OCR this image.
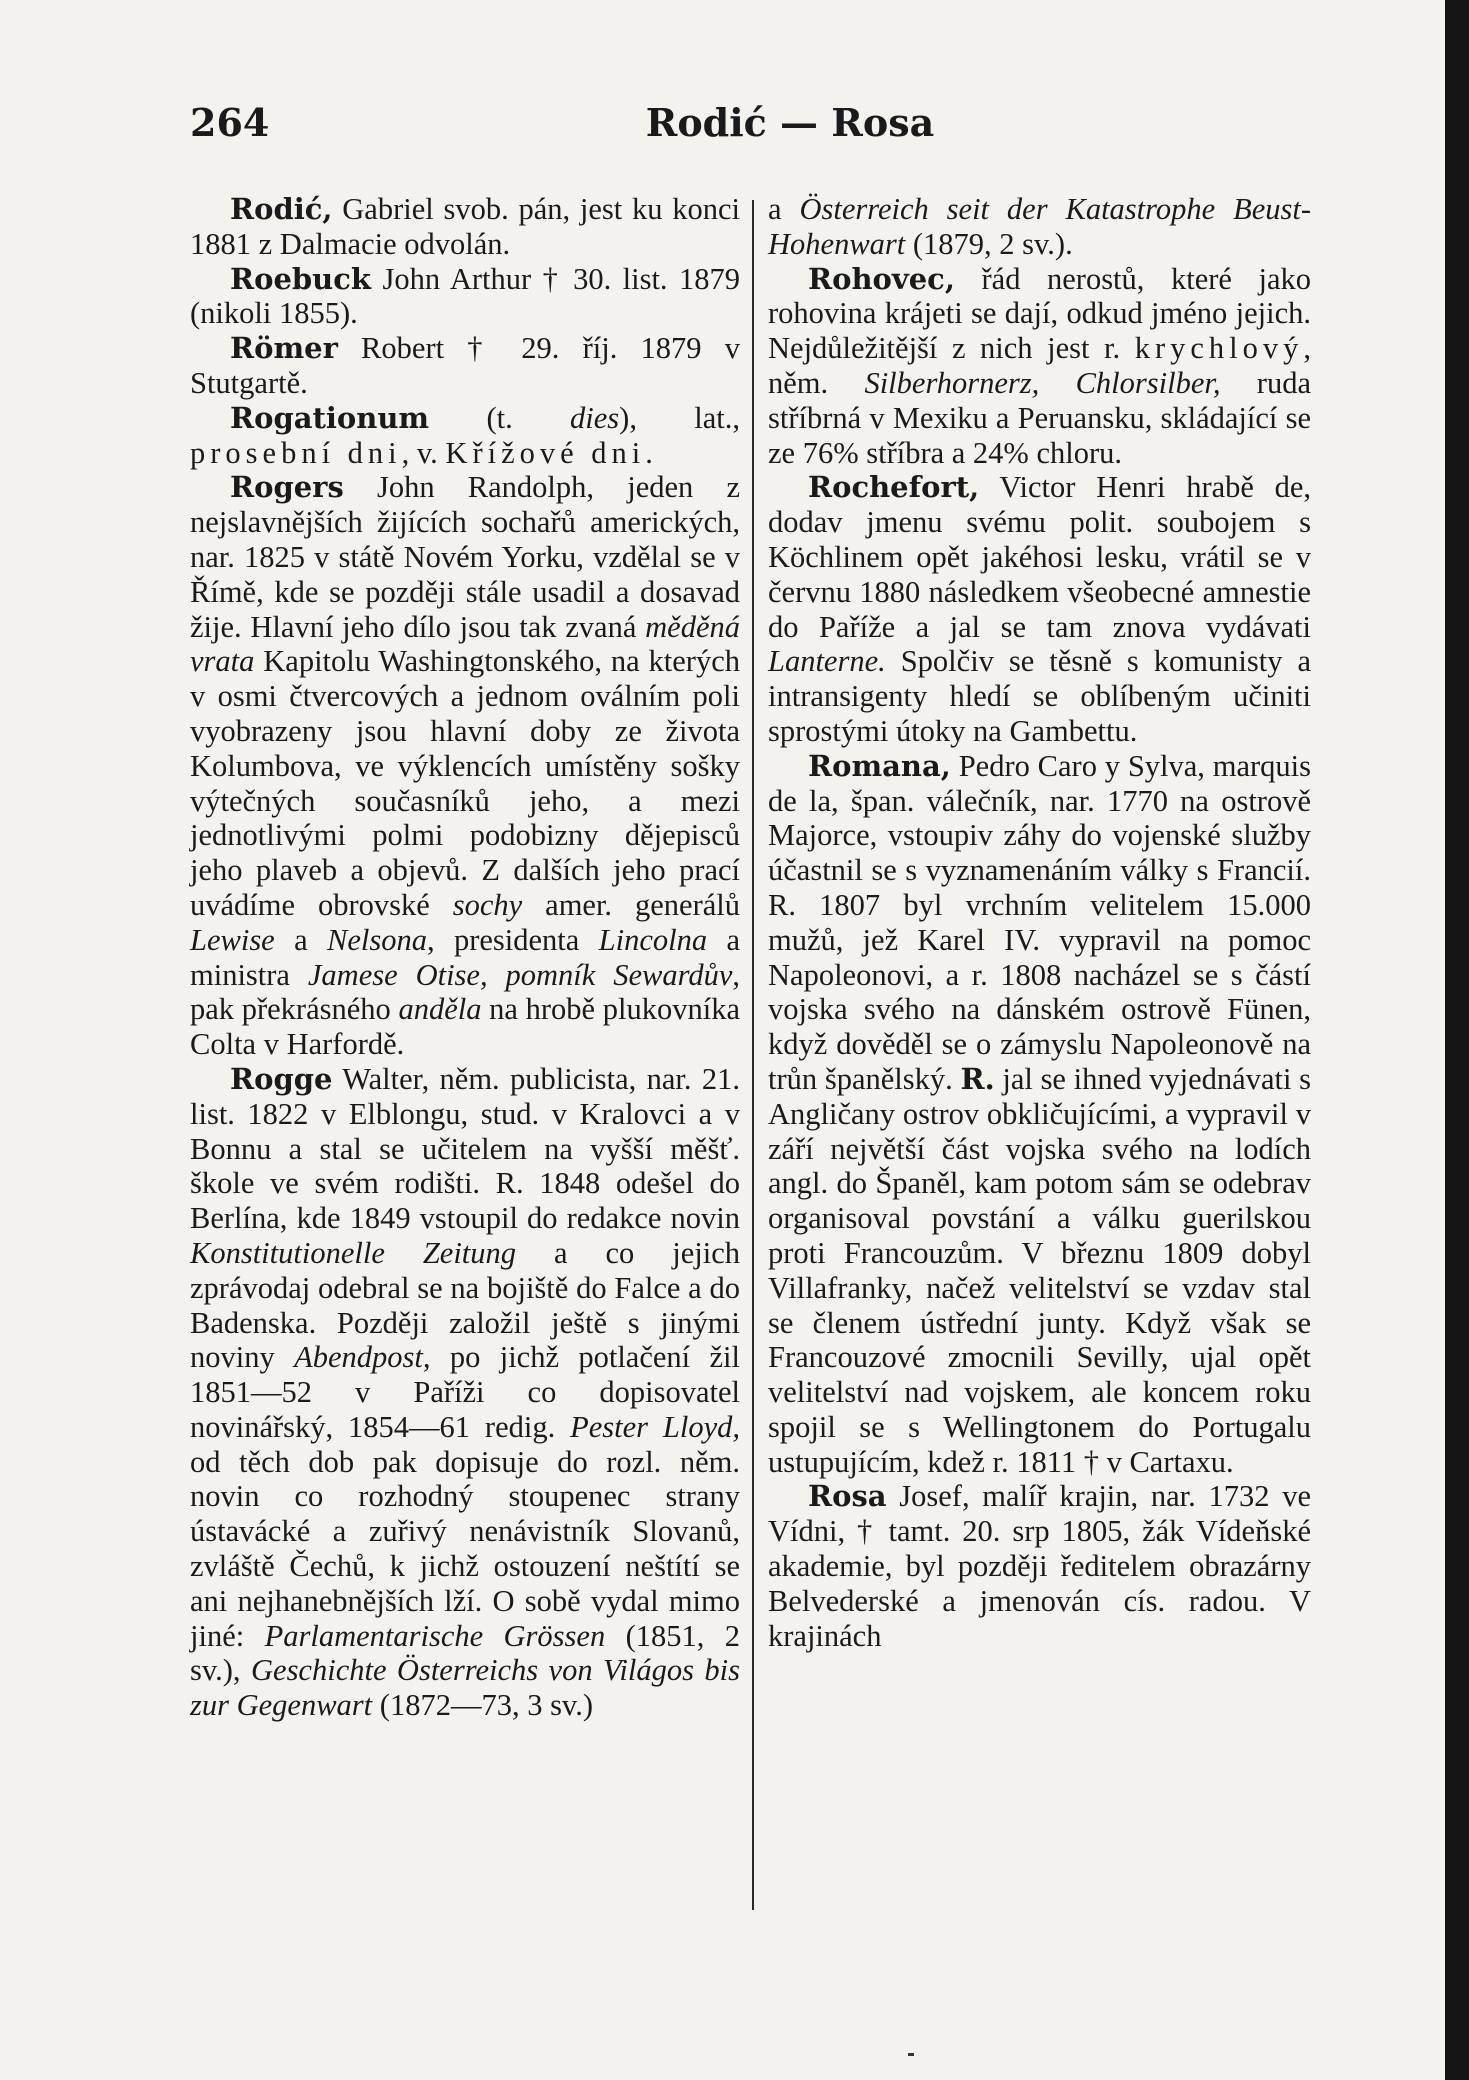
264	Rodić — Rosa

Rodić, Gabriel svob. pán, jest ku konci 1881 z Dalmacie odvolán.

Roebuck John Arthur † 30. list. 1879 (nikoli 1855).

Römer Robert † 29. říj. 1879 v Stutgartě.

Rogationum (t. dies), lat., prosební dni, v. Křížové dni.

Rogers John Randolph, jeden z nejslavnějších žijících sochařů amerických, nar. 1825 v státě Novém Yorku, vzdělal se v Římě, kde se později stále usadil a dosavad žije. Hlavní jeho dílo jsou tak zvaná měděná vrata Kapitolu Washingtonského, na kterých v osmi čtvercových a jednom oválním poli vyobrazeny jsou hlavní doby ze života Kolumbova, ve výklencích umístěny sošky výtečných současníků jeho, a mezi jednotlivými polmi podobizny dějepisců jeho plaveb a objevů. Z dalších jeho prací uvádíme obrovské sochy amer. generálů Lewise a Nelsona, presidenta Lincolna a ministra Jamese Otise, pomník Sewardův, pak překrásného anděla na hrobě plukovníka Colta v Harfordě.

Rogge Walter, něm. publicista, nar. 21. list. 1822 v Elblongu, stud. v Kralovci a v Bonnu a stal se učitelem na vyšší měšť. škole ve svém rodišti. R. 1848 odešel do Berlína, kde 1849 vstoupil do redakce novin Konstitutionelle Zeitung a co jejich zprávodaj odebral se na bojiště do Falce a do Badenska. Později založil ještě s jinými noviny Abendpost, po jichž potlačení žil 1851—52 v Paříži co dopisovatel novinářský, 1854—61 redig. Pester Lloyd, od těch dob pak dopisuje do rozl. něm. novin co rozhodný stoupenec strany ústavácké a zuřivý nenávistník Slovanů, zvláště Čechů, k jichž ostouzení neštítí se ani nejhanebnějších lží. O sobě vydal mimo jiné: Parlamentarische Grössen (1851, 2 sv.), Geschichte Österreichs von Világos bis zur Gegenwart (1872—73, 3 sv.)

a Österreich seit der Katastrophe Beust-Hohenwart (1879, 2 sv.).

Rohovec, řád nerostů, které jako rohovina krájeti se dají, odkud jméno jejich. Nejdůležitější z nich jest r. krychlový, něm. Silberhornerz, Chlorsilber, ruda stříbrná v Mexiku a Peruansku, skládající se ze 76% stříbra a 24% chloru.

Rochefort, Victor Henri hrabě de, dodav jmenu svému polit. soubojem s Köchlinem opět jakéhosi lesku, vrátil se v červnu 1880 následkem všeobecné amnestie do Paříže a jal se tam znova vydávati Lanterne. Spolčiv se těsně s komunisty a intransigenty hledí se oblíbeným učiniti sprostými útoky na Gambettu.

Romana, Pedro Caro y Sylva, marquis de la, špan. válečník, nar. 1770 na ostrově Majorce, vstoupiv záhy do vojenské služby účastnil se s vyznamenáním války s Francií. R. 1807 byl vrchním velitelem 15.000 mužů, jež Karel IV. vypravil na pomoc Napoleonovi, a r. 1808 nacházel se s částí vojska svého na dánském ostrově Fünen, když dověděl se o zámyslu Napoleonově na trůn španělský. R. jal se ihned vyjednávati s Angličany ostrov obkličujícími, a vypravil v září největší část vojska svého na lodích angl. do Španěl, kam potom sám se odebrav organisoval povstání a válku guerilskou proti Francouzům. V březnu 1809 dobyl Villafranky, načež velitelství se vzdav stal se členem ústřední junty. Když však se Francouzové zmocnili Sevilly, ujal opět velitelství nad vojskem, ale koncem roku spojil se s Wellingtonem do Portugalu ustupujícím, kdež r. 1811 † v Cartaxu.

Rosa Josef, malíř krajin, nar. 1732 ve Vídni, † tamt. 20. srp 1805, žák Vídeňské akademie, byl později ředitelem obrazárny Belvederské a jmenován cís. radou. V krajinách
